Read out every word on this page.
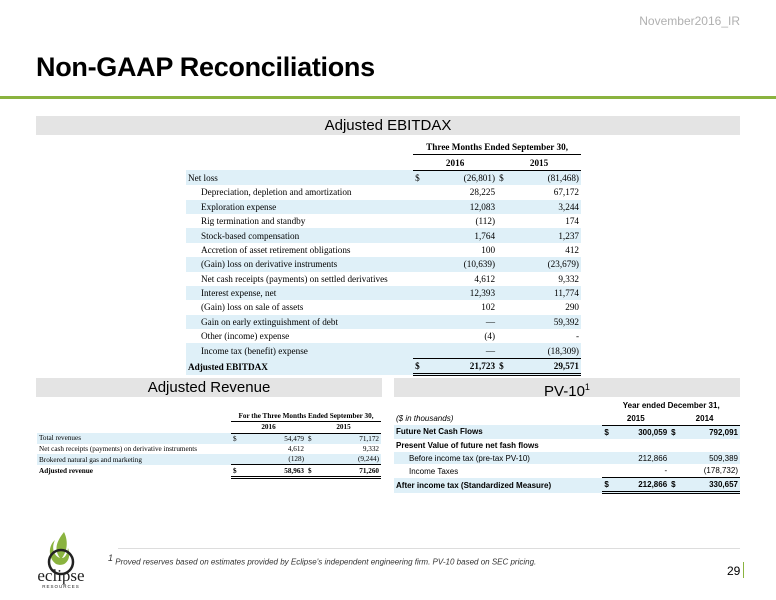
November2016_IR
Non-GAAP Reconciliations
Adjusted EBITDAX
	Three Months Ended September 30,			
	2016		2015	
Net loss	$	(26,801)	$	(81,468)
Depreciation, depletion and amortization		28,225		67,172
Exploration expense		12,083		3,244
Rig termination and standby		(112)		174
Stock-based compensation		1,764		1,237
Accretion of asset retirement obligations		100		412
(Gain) loss on derivative instruments		(10,639)		(23,679)
Net cash receipts (payments) on settled derivatives		4,612		9,332
Interest expense, net		12,393		11,774
(Gain) loss on sale of assets		102		290
Gain on early extinguishment of debt		—		59,392
Other (income) expense		(4)		-
Income tax (benefit) expense		—		(18,309)
Adjusted EBITDAX	$	21,723	$	29,571
Adjusted Revenue
	For the Three Months Ended September 30,			
	2016		2015	
Total revenues	$	54,479	$	71,172
Net cash receipts (payments) on derivative instruments		4,612		9,332
Brokered natural gas and marketing		(128)		(9,244)
Adjusted revenue	$	58,963	$	71,260
$PV-10^1$
	Year ended December 31,			
($ in thousands)	2015		2014	
Future Net Cash Flows	$	300,059	$	792,091
Present Value of future net fash flows				
Before income tax (pre-tax PV-10)		212,866		509,389
Income Taxes		-		(178,732)
After income tax (Standardized Measure)	$	212,866	$	330,657
$^1$ Proved reserves based on estimates provided by Eclipse's independent engineering firm. PV-10 based on SEC pricing.
eclipse
RESOURCES
29
